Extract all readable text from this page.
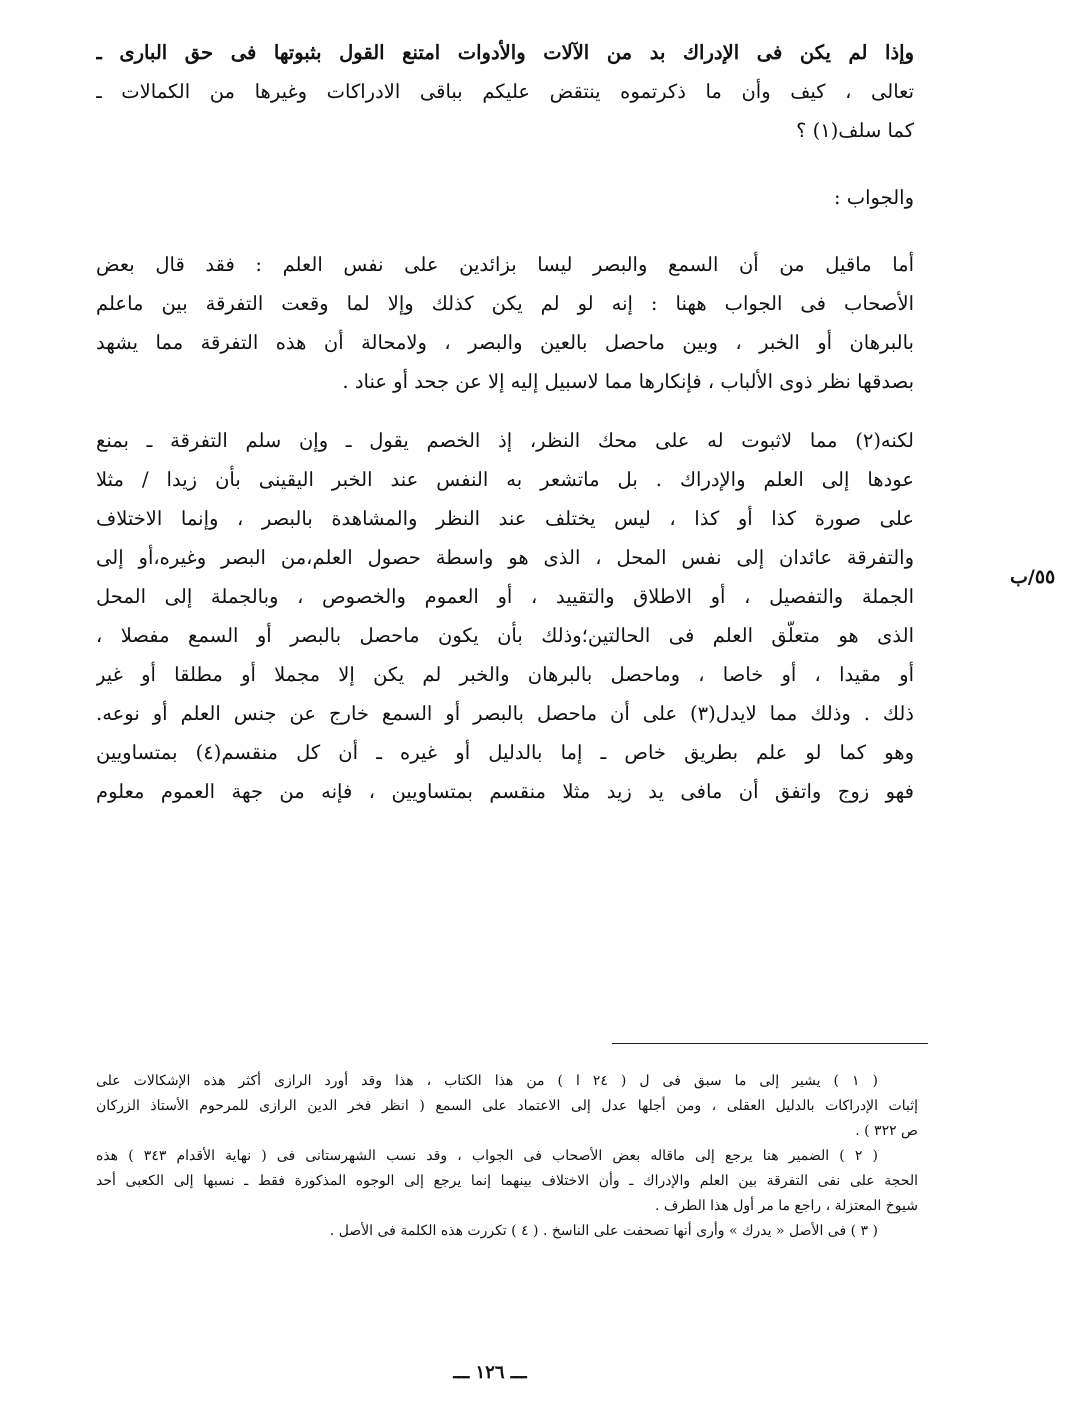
وإذا لم يكن فى الإدراك بد من الآلات والأدوات امتنع القول بثبوتها فى حق البارى ـ
تعالى ، كيف وأن ما ذكرتموه ينتقض عليكم بباقى الادراكات وغيرها من الكمالات ـ
كما سلف(١) ؟
والجواب :
أما ماقيل من أن السمع والبصر ليسا بزائدين على نفس العلم : فقد قال بعض
الأصحاب فى الجواب ههنا : إنه لو لم يكن كذلك وإلا لما وقعت التفرقة بين ماعلم
بالبرهان أو الخبر ، وبين ماحصل بالعين والبصر ، ولامحالة أن هذه التفرقة مما يشهد
بصدقها نظر ذوى الألباب ، فإنكارها مما لاسبيل إليه إلا عن جحد أو عناد .
لكنه(٢) مما لاثبوت له على محك النظر، إذ الخصم يقول ـ وإن سلم التفرقة ـ بمنع
عودها إلى العلم والإدراك . بل ماتشعر به النفس عند الخبر اليقينى بأن زيدا / مثلا
على صورة كذا أو كذا ، ليس يختلف عند النظر والمشاهدة بالبصر ، وإنما الاختلاف
والتفرقة عائدان إلى نفس المحل ، الذى هو واسطة حصول العلم،من البصر وغيره،أو إلى
الجملة والتفصيل ، أو الاطلاق والتقييد ، أو العموم والخصوص ، وبالجملة إلى المحل
الذى هو متعلّق العلم فى الحالتين؛وذلك بأن يكون ماحصل بالبصر أو السمع مفصلا ،
أو مقيدا ، أو خاصا ، وماحصل بالبرهان والخبر لم يكن إلا مجملا أو مطلقا أو غير
ذلك . وذلك مما لايدل(٣) على أن ماحصل بالبصر أو السمع خارج عن جنس العلم أو نوعه.
وهو كما لو علم بطريق خاص ـ إما بالدليل أو غيره ـ أن كل منقسم(٤) بمتساويين
فهو زوج واتفق أن مافى يد زيد مثلا منقسم بمتساويين ، فإنه من جهة العموم معلوم
٥٥/ب
( ١ ) يشير إلى ما سبق فى ل ( ٢٤ ا ) من هذا الكتاب ، هذا وقد أورد الرازى أكثر هذه الإشكالات على
إثبات الإدراكات بالدليل العقلى ، ومن أجلها عدل إلى الاعتماد على السمع ( انظر فخر الدين الرازى للمرحوم الأستاذ الزركان
ص ٣٢٢ ) .
( ٢ ) الضمير هنا يرجع إلى ماقاله بعض الأصحاب فى الجواب ، وقد نسب الشهرستانى فى ( نهاية الأقدام ٣٤٣ ) هذه
الحجة على نفى التفرقة بين العلم والإدراك ـ وأن الاختلاف بينهما إنما يرجع إلى الوجوه المذكورة فقط ـ نسبها إلى الكعبى أحد
شيوخ المعتزلة ، راجع ما مر أول هذا الطرف .
( ٣ ) فى الأصل « يدرك » وأرى أنها تصحفت على الناسخ . ( ٤ ) تكررت هذه الكلمة فى الأصل .
ـــ ١٢٦ ـــ
